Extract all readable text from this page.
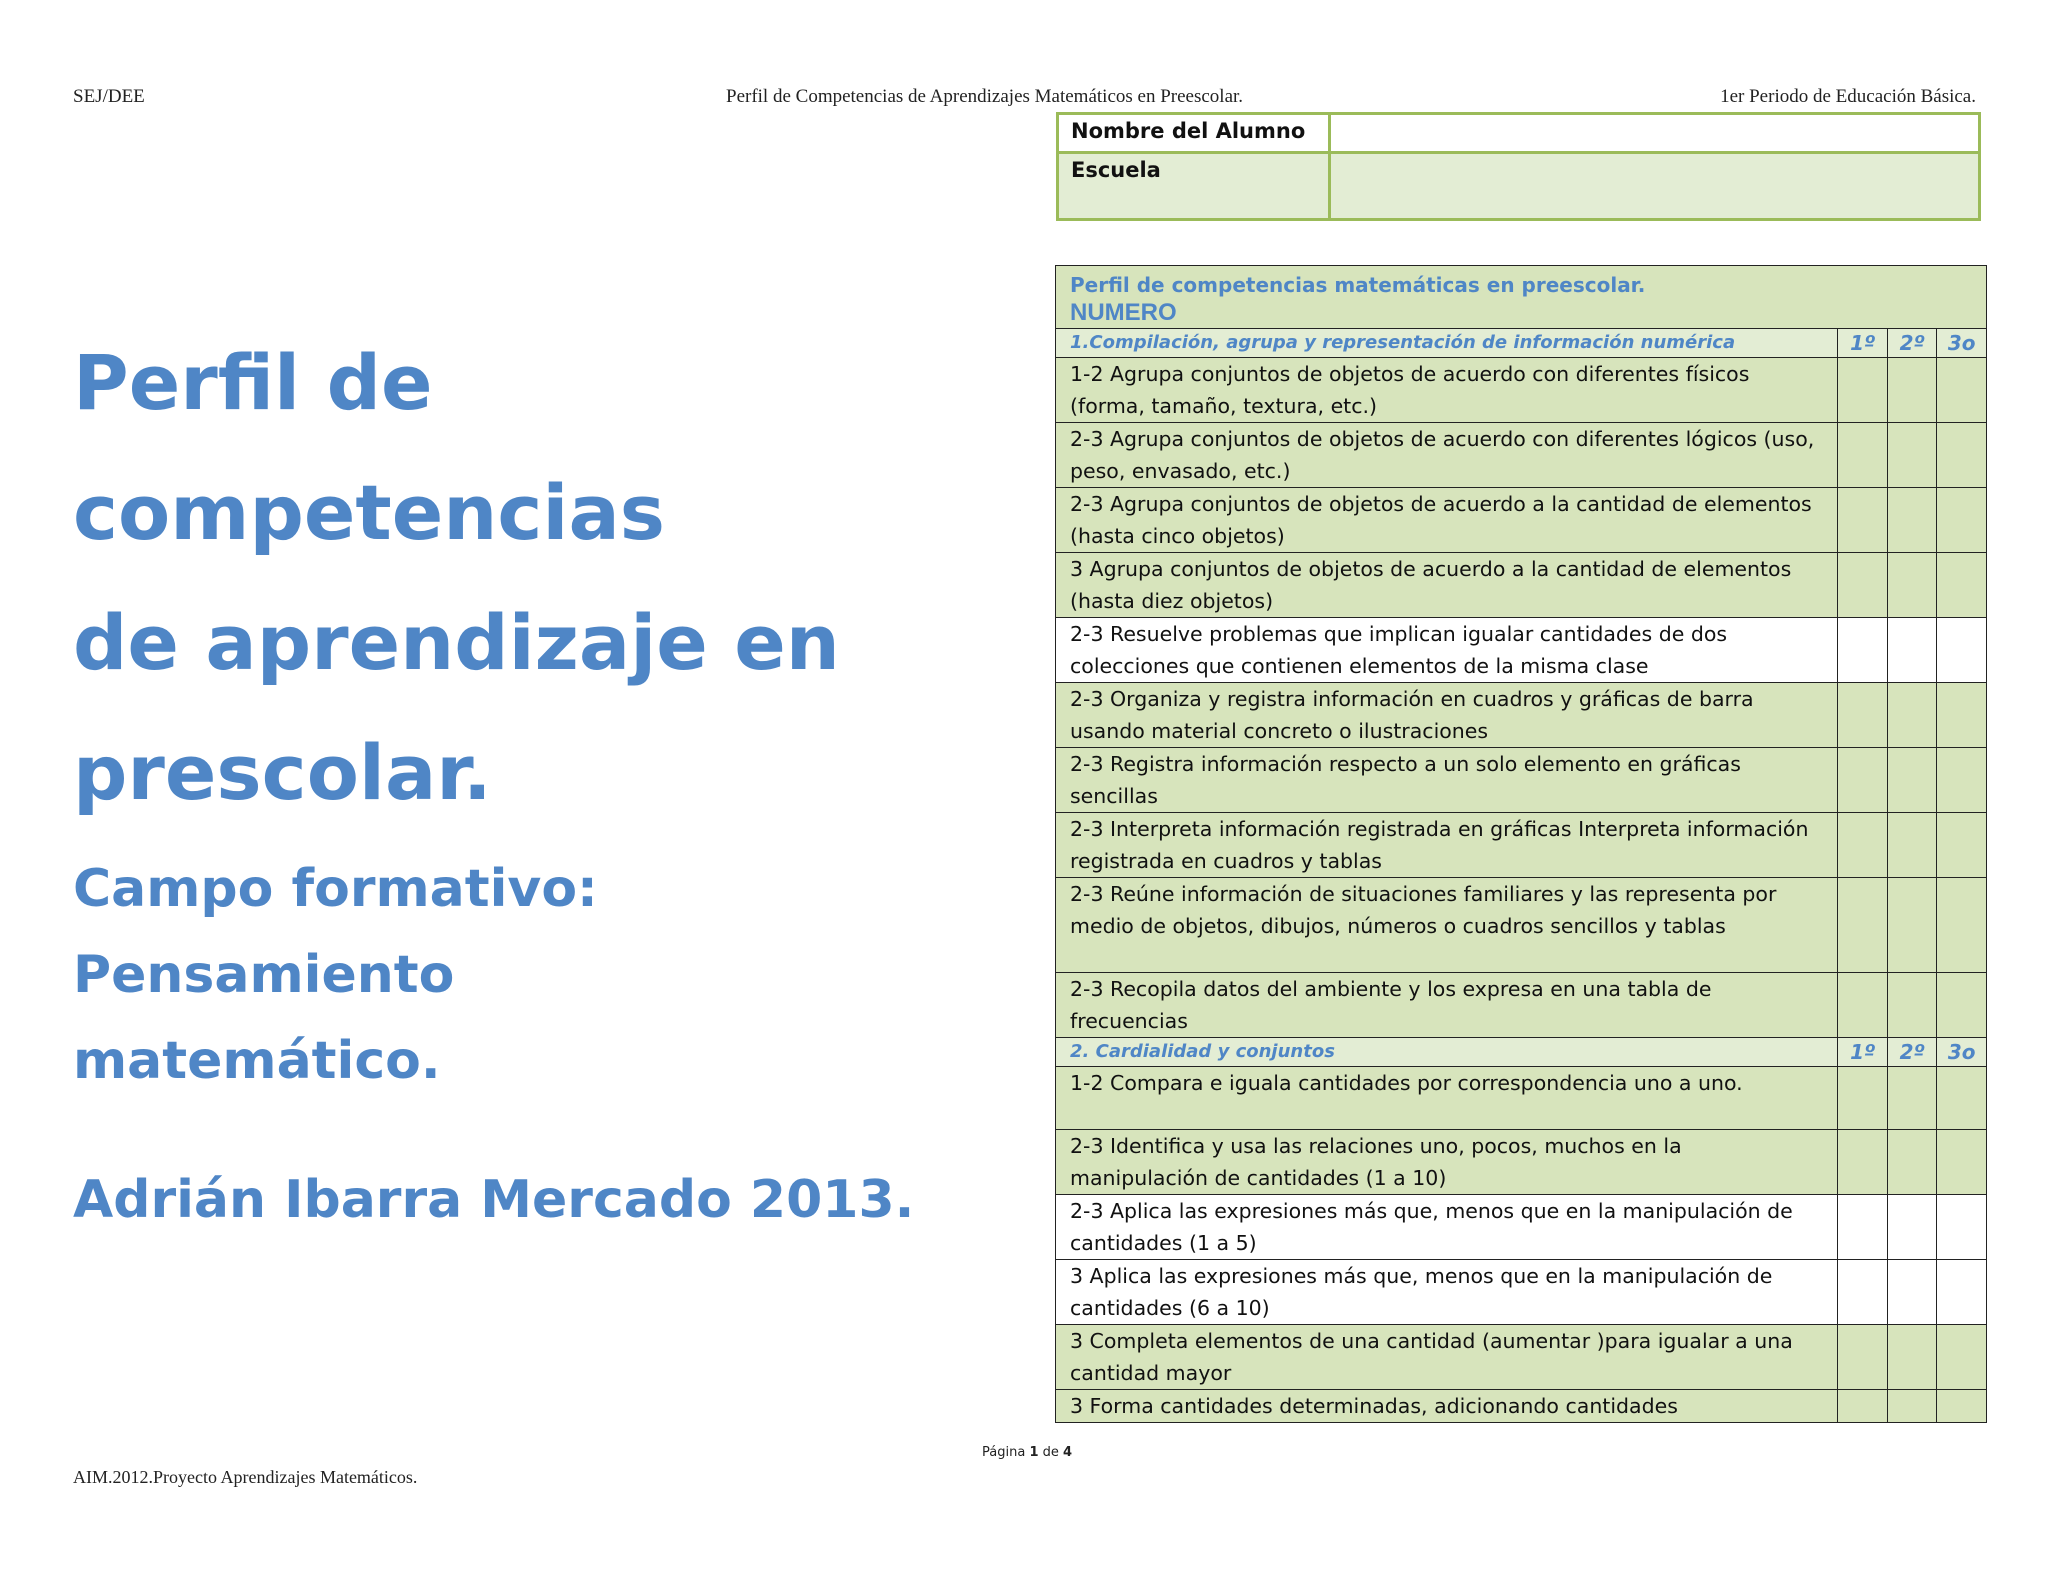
SEJ/DEE	Perfil de Competencias de Aprendizajes Matemáticos en Preescolar.	1er Periodo de Educación Básica.
Nombre del Alumno	
Escuela	
Perfil de competencias
de aprendizaje en
prescolar.
Campo formativo: Pensamiento
matemático.
Adrián Ibarra Mercado 2013.
Perfil de competencias matemáticas en preescolar.
NUMERO			

1.Compilación, agrupa y representación de información numérica	1º	2º	3o
1-2 Agrupa conjuntos de objetos de acuerdo con diferentes físicos (forma, tamaño, textura, etc.)			
2-3 Agrupa conjuntos de objetos de acuerdo con diferentes lógicos (uso, peso, envasado, etc.)			
2-3 Agrupa conjuntos de objetos de acuerdo a la cantidad de elementos (hasta cinco objetos)			
3 Agrupa conjuntos de objetos de acuerdo a la cantidad de elementos (hasta diez objetos)			
2-3 Resuelve problemas que implican igualar cantidades de dos colecciones que contienen elementos de la misma clase			
2-3 Organiza y registra información en cuadros y gráficas de barra usando material concreto o ilustraciones			
2-3 Registra información respecto a un solo elemento en gráficas sencillas			
2-3 Interpreta información registrada en gráficas Interpreta información registrada en cuadros y tablas			
2-3 Reúne información de situaciones familiares y las representa por medio de objetos, dibujos, números o cuadros sencillos y tablas			
2-3 Recopila datos del ambiente y los expresa en una tabla de frecuencias			
2. Cardialidad y conjuntos	1º	2º	3o
1-2 Compara e iguala cantidades por correspondencia uno a uno.			
2-3 Identifica y usa las relaciones uno, pocos, muchos en la manipulación de cantidades (1 a 10)			
2-3 Aplica las expresiones más que, menos que en la manipulación de cantidades (1 a 5)			
3 Aplica las expresiones más que, menos que en la manipulación de cantidades (6 a 10)			
3 Completa elementos de una cantidad (aumentar )para igualar a una cantidad mayor			
3 Forma cantidades determinadas, adicionando cantidades			
Página 1 de 4
AIM.2012.Proyecto Aprendizajes Matemáticos.
